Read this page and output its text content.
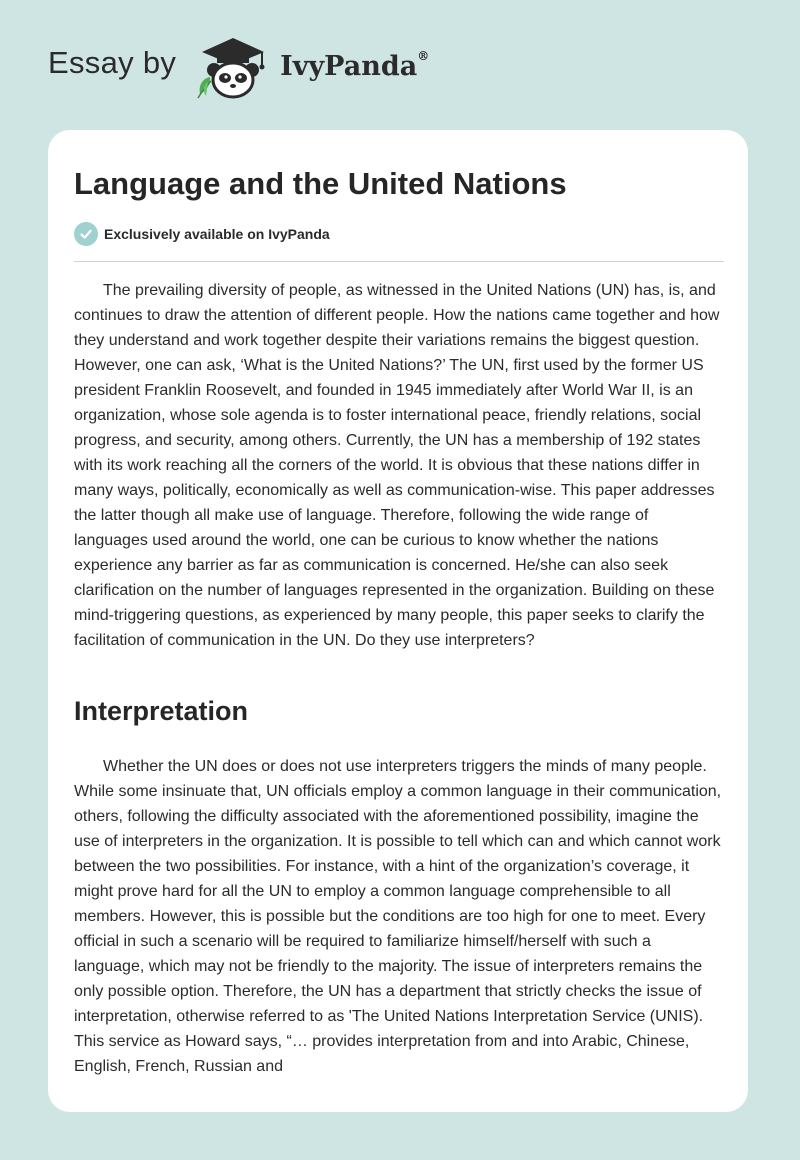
Essay by	IvyPanda®
Language and the United Nations
Exclusively available on IvyPanda

The prevailing diversity of people, as witnessed in the United Nations (UN) has, is, and continues to draw the attention of different people. How the nations came together and how they understand and work together despite their variations remains the biggest question. However, one can ask, ‘What is the United Nations?’ The UN, first used by the former US president Franklin Roosevelt, and founded in 1945 immediately after World War II, is an organization, whose sole agenda is to foster international peace, friendly relations, social progress, and security, among others. Currently, the UN has a membership of 192 states with its work reaching all the corners of the world. It is obvious that these nations differ in many ways, politically, economically as well as communication-wise. This paper addresses the latter though all make use of language. Therefore, following the wide range of languages used around the world, one can be curious to know whether the nations experience any barrier as far as communication is concerned. He/she can also seek clarification on the number of languages represented in the organization. Building on these mind-triggering questions, as experienced by many people, this paper seeks to clarify the facilitation of communication in the UN. Do they use interpreters?

Interpretation

Whether the UN does or does not use interpreters triggers the minds of many people. While some insinuate that, UN officials employ a common language in their communication, others, following the difficulty associated with the aforementioned possibility, imagine the use of interpreters in the organization. It is possible to tell which can and which cannot work between the two possibilities. For instance, with a hint of the organization’s coverage, it might prove hard for all the UN to employ a common language comprehensible to all members. However, this is possible but the conditions are too high for one to meet. Every official in such a scenario will be required to familiarize himself/herself with such a language, which may not be friendly to the majority. The issue of interpreters remains the only possible option. Therefore, the UN has a department that strictly checks the issue of interpretation, otherwise referred to as 'The United Nations Interpretation Service (UNIS). This service as Howard says, “… provides interpretation from and into Arabic, Chinese, English, French, Russian and
